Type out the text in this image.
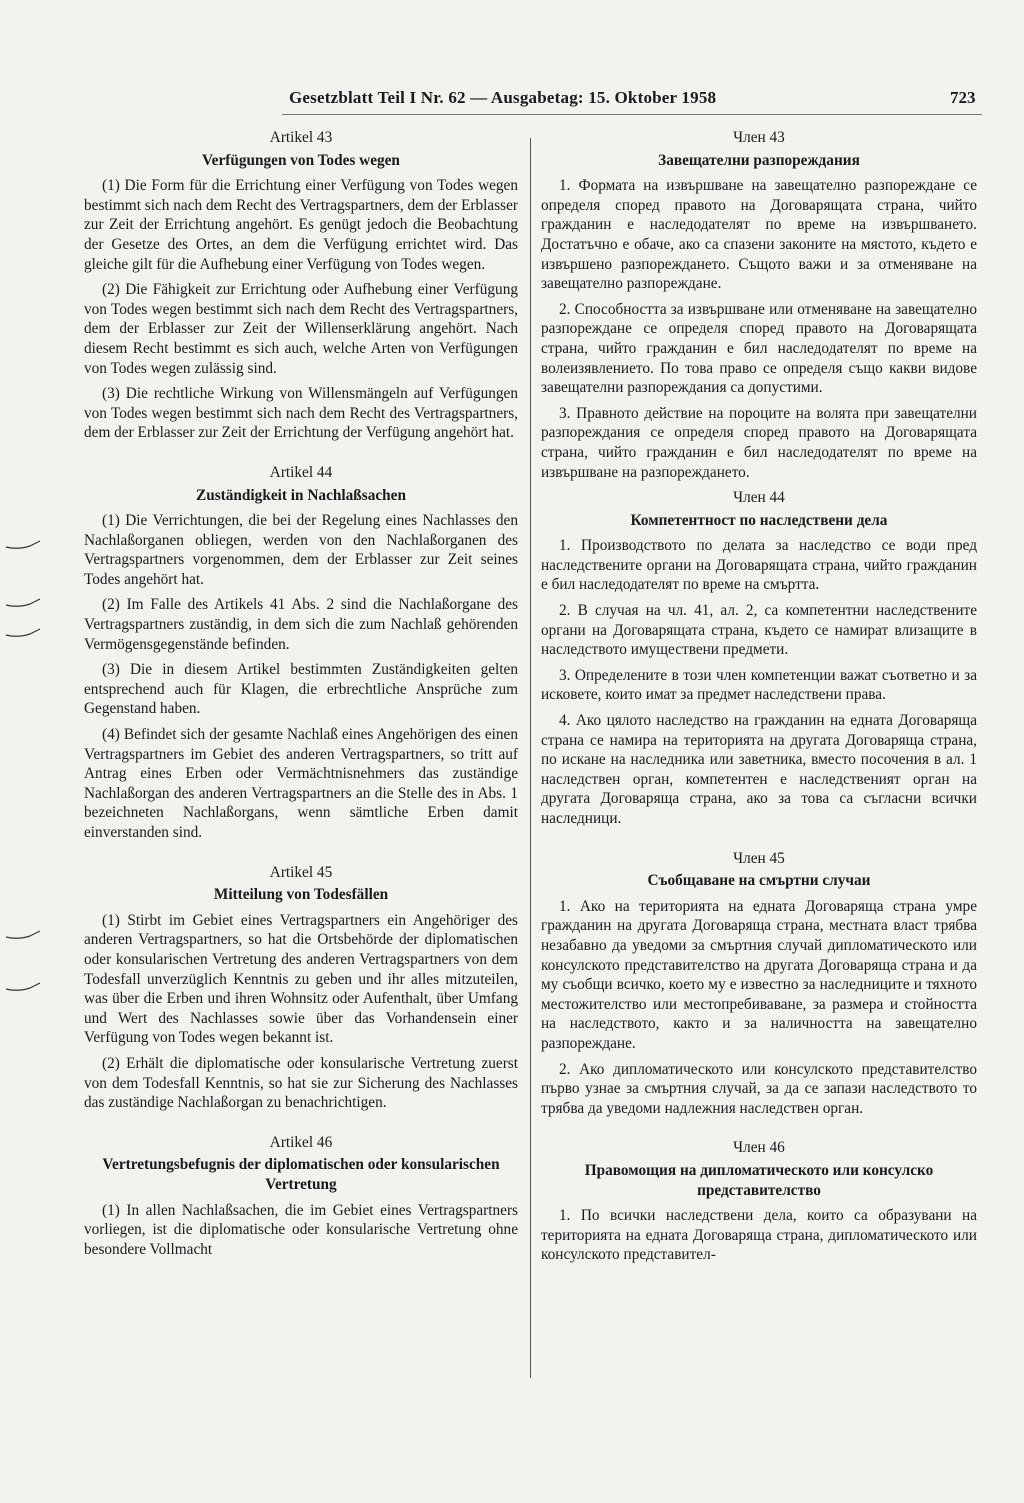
Gesetzblatt Teil I Nr. 62 — Ausgabetag: 15. Oktober 1958	723

Artikel 43

Verfügungen von Todes wegen

(1) Die Form für die Errichtung einer Verfügung von Todes wegen bestimmt sich nach dem Recht des Vertragspartners, dem der Erblasser zur Zeit der Errichtung angehört. Es genügt jedoch die Beobachtung der Gesetze des Ortes, an dem die Verfügung errichtet wird. Das gleiche gilt für die Aufhebung einer Verfügung von Todes wegen.

(2) Die Fähigkeit zur Errichtung oder Aufhebung einer Verfügung von Todes wegen bestimmt sich nach dem Recht des Vertragspartners, dem der Erblasser zur Zeit der Willenserklärung angehört. Nach diesem Recht bestimmt es sich auch, welche Arten von Verfügungen von Todes wegen zulässig sind.

(3) Die rechtliche Wirkung von Willensmängeln auf Verfügungen von Todes wegen bestimmt sich nach dem Recht des Vertragspartners, dem der Erblasser zur Zeit der Errichtung der Verfügung angehört hat.

Artikel 44

Zuständigkeit in Nachlaßsachen

(1) Die Verrichtungen, die bei der Regelung eines Nachlasses den Nachlaßorganen obliegen, werden von den Nachlaßorganen des Vertragspartners vorgenommen, dem der Erblasser zur Zeit seines Todes angehört hat.

(2) Im Falle des Artikels 41 Abs. 2 sind die Nachlaßorgane des Vertragspartners zuständig, in dem sich die zum Nachlaß gehörenden Vermögensgegenstände befinden.

(3) Die in diesem Artikel bestimmten Zuständigkeiten gelten entsprechend auch für Klagen, die erbrechtliche Ansprüche zum Gegenstand haben.

(4) Befindet sich der gesamte Nachlaß eines Angehörigen des einen Vertragspartners im Gebiet des anderen Vertragspartners, so tritt auf Antrag eines Erben oder Vermächtnisnehmers das zuständige Nachlaßorgan des anderen Vertragspartners an die Stelle des in Abs. 1 bezeichneten Nachlaßorgans, wenn sämtliche Erben damit einverstanden sind.

Artikel 45

Mitteilung von Todesfällen

(1) Stirbt im Gebiet eines Vertragspartners ein Angehöriger des anderen Vertragspartners, so hat die Ortsbehörde der diplomatischen oder konsularischen Vertretung des anderen Vertragspartners von dem Todesfall unverzüglich Kenntnis zu geben und ihr alles mitzuteilen, was über die Erben und ihren Wohnsitz oder Aufenthalt, über Umfang und Wert des Nachlasses sowie über das Vorhandensein einer Verfügung von Todes wegen bekannt ist.

(2) Erhält die diplomatische oder konsularische Vertretung zuerst von dem Todesfall Kenntnis, so hat sie zur Sicherung des Nachlasses das zuständige Nachlaßorgan zu benachrichtigen.

Artikel 46

Vertretungsbefugnis der diplomatischen oder konsularischen Vertretung

(1) In allen Nachlaßsachen, die im Gebiet eines Vertragspartners vorliegen, ist die diplomatische oder konsularische Vertretung ohne besondere Vollmacht

Член 43

Завещателни разпореждания

1. Формата на извършване на завещателно разпореждане се определя според правото на Договарящата страна, чийто гражданин е наследодателят по време на извършването. Достатъчно е обаче, ако са спазени законите на мястото, където е извършено разпореждането. Същото важи и за отменяване на завещателно разпореждане.

2. Способността за извършване или отменяване на завещателно разпореждане се определя според правото на Договарящата страна, чийто гражданин е бил наследодателят по време на волеизявлението. По това право се определя също какви видове завещателни разпореждания са допустими.

3. Правното действие на пороците на волята при завещателни разпореждания се определя според правото на Договарящата страна, чийто гражданин е бил наследодателят по време на извършване на разпореждането.

Член 44

Компетентност по наследствени дела

1. Производството по делата за наследство се води пред наследствените органи на Договарящата страна, чийто гражданин е бил наследодателят по време на смъртта.

2. В случая на чл. 41, ал. 2, са компетентни наследствените органи на Договарящата страна, където се намират влизащите в наследството имуществени предмети.

3. Определените в този член компетенции важат съответно и за исковете, които имат за предмет наследствени права.

4. Ако цялото наследство на гражданин на едната Договаряща страна се намира на територията на другата Договаряща страна, по искане на наследника или заветника, вместо посочения в ал. 1 наследствен орган, компетентен е наследственият орган на другата Договаряща страна, ако за това са съгласни всички наследници.

Член 45

Съобщаване на смъртни случаи

1. Ако на територията на едната Договаряща страна умре гражданин на другата Договаряща страна, местната власт трябва незабавно да уведоми за смъртния случай дипломатическото или консулското представителство на другата Договаряща страна и да му съобщи всичко, което му е известно за наследниците и тяхното местожителство или местопребиваване, за размера и стойността на наследството, както и за наличността на завещателно разпореждане.

2. Ако дипломатическото или консулското представителство първо узнае за смъртния случай, за да се запази наследството то трябва да уведоми надлежния наследствен орган.

Член 46

Правомощия на дипломатическото или консулско представителство

1. По всички наследствени дела, които са образувани на територията на едната Договаряща страна, дипломатическото или консулското представител-
